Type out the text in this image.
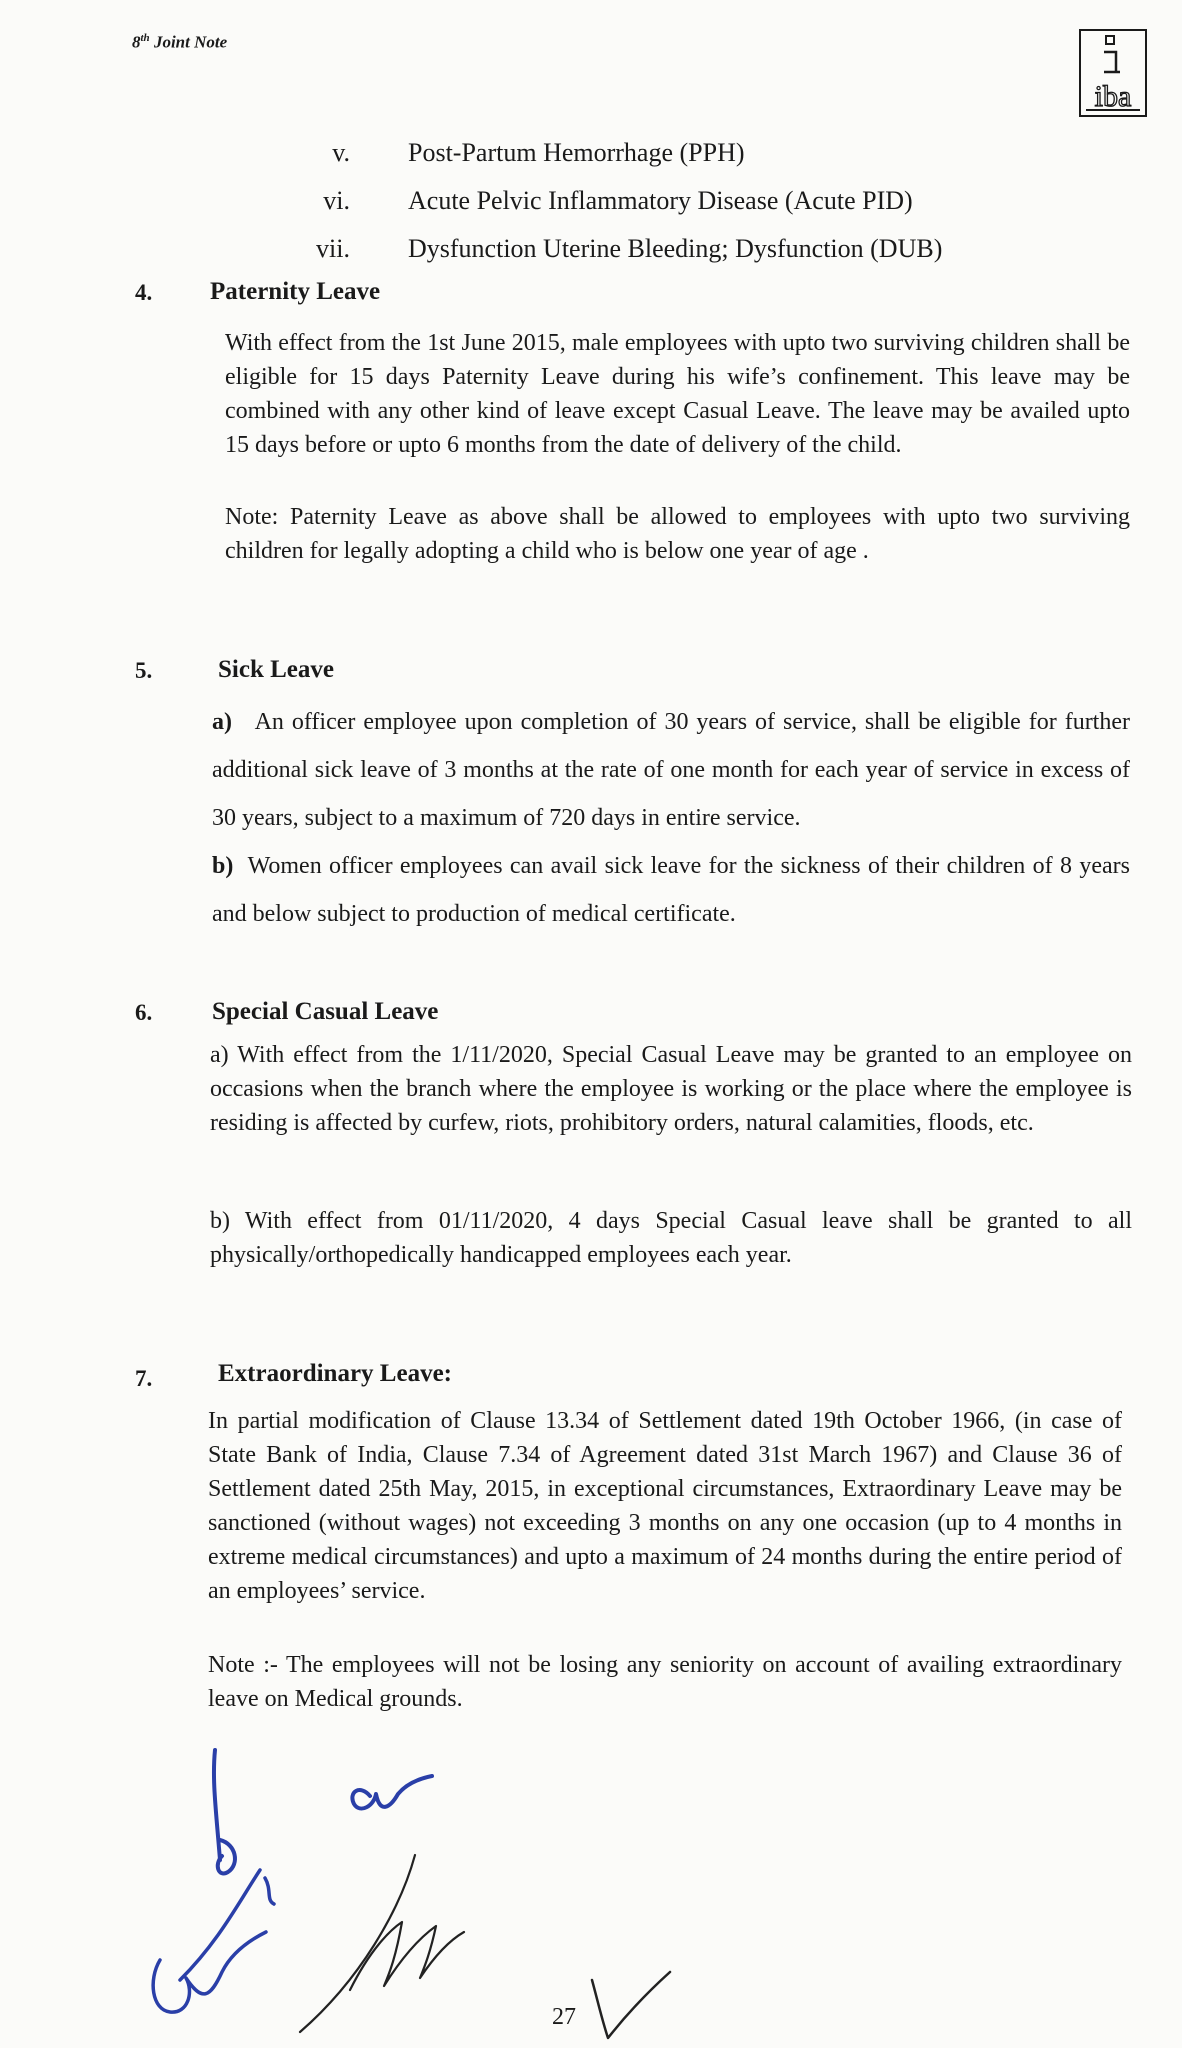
8th Joint Note
iba
v. Post-Partum Hemorrhage (PPH)
vi. Acute Pelvic Inflammatory Disease (Acute PID)
vii. Dysfunction Uterine Bleeding; Dysfunction (DUB)
4. Paternity Leave

With effect from the 1st June 2015, male employees with upto two surviving children shall be eligible for 15 days Paternity Leave during his wife’s confinement. This leave may be combined with any other kind of leave except Casual Leave. The leave may be availed upto 15 days before or upto 6 months from the date of delivery of the child.

Note: Paternity Leave as above shall be allowed to employees with upto two surviving children for legally adopting a child who is below one year of age .

5.	Sick Leave

a) An officer employee upon completion of 30 years of service, shall be eligible for further additional sick leave of 3 months at the rate of one month for each year of service in excess of 30 years, subject to a maximum of 720 days in entire service.

b) Women officer employees can avail sick leave for the sickness of their children of 8 years and below subject to production of medical certificate.

6. Special Casual Leave

a) With effect from the 1/11/2020, Special Casual Leave may be granted to an employee on occasions when the branch where the employee is working or the place where the employee is residing is affected by curfew, riots, prohibitory orders, natural calamities, floods, etc.

b) With effect from 01/11/2020, 4 days Special Casual leave shall be granted to all physically/orthopedically handicapped employees each year.

7.	Extraordinary Leave:

In partial modification of Clause 13.34 of Settlement dated 19th October 1966, (in case of State Bank of India, Clause 7.34 of Agreement dated 31st March 1967) and Clause 36 of Settlement dated 25th May, 2015, in exceptional circumstances, Extraordinary Leave may be sanctioned (without wages) not exceeding 3 months on any one occasion (up to 4 months in extreme medical circumstances) and upto a maximum of 24 months during the entire period of an employees’ service.

Note :- The employees will not be losing any seniority on account of availing extraordinary leave on Medical grounds.

27
